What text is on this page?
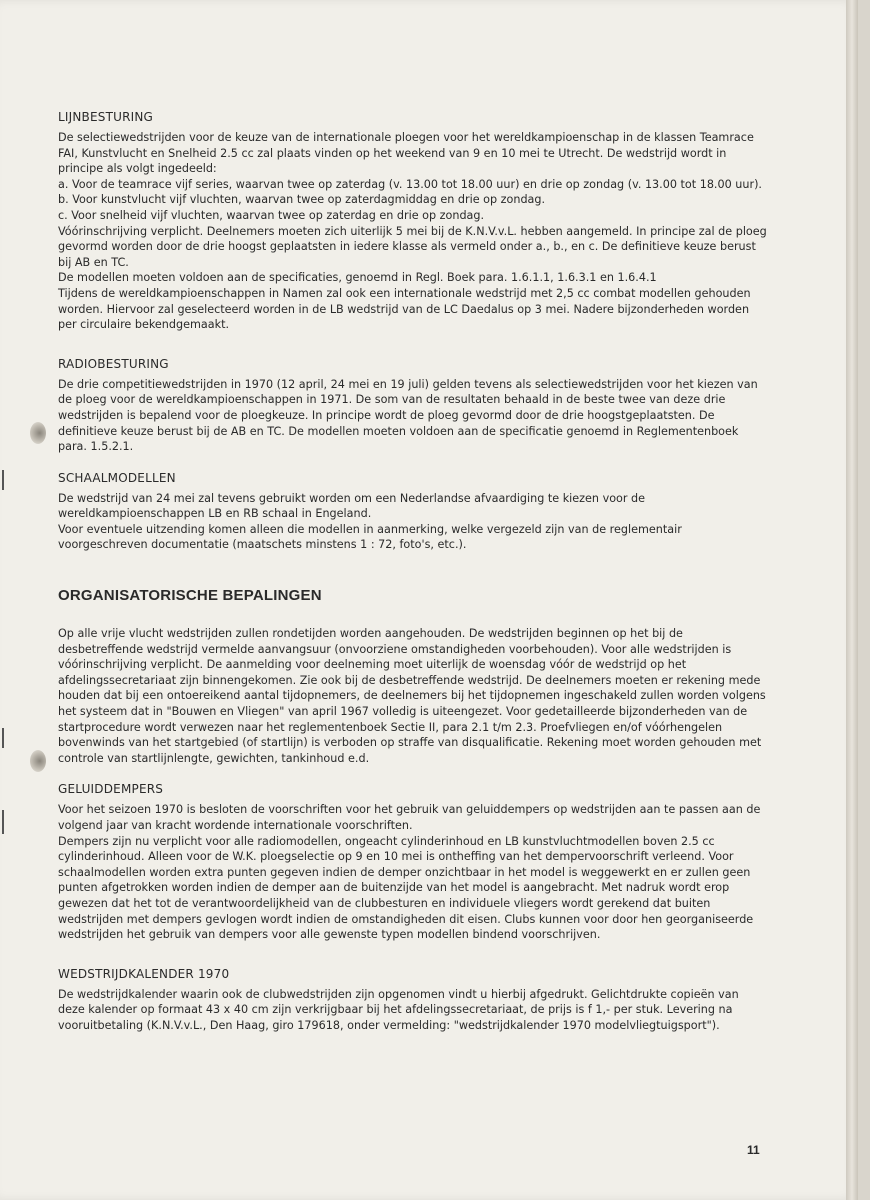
LIJNBESTURING

De selectiewedstrijden voor de keuze van de internationale ploegen voor het wereldkampioenschap in de klassen Teamrace FAI, Kunstvlucht en Snelheid 2.5 cc zal plaats vinden op het weekend van 9 en 10 mei te Utrecht. De wedstrijd wordt in principe als volgt ingedeeld:

a. Voor de teamrace vijf series, waarvan twee op zaterdag (v. 13.00 tot 18.00 uur) en drie op zondag (v. 13.00 tot 18.00 uur).

b. Voor kunstvlucht vijf vluchten, waarvan twee op zaterdagmiddag en drie op zondag.

c. Voor snelheid vijf vluchten, waarvan twee op zaterdag en drie op zondag.

Vóórinschrijving verplicht. Deelnemers moeten zich uiterlijk 5 mei bij de K.N.V.v.L. hebben aangemeld. In principe zal de ploeg gevormd worden door de drie hoogst geplaatsten in iedere klasse als vermeld onder a., b., en c. De definitieve keuze berust bij AB en TC.

De modellen moeten voldoen aan de specificaties, genoemd in Regl. Boek para. 1.6.1.1, 1.6.3.1 en 1.6.4.1

Tijdens de wereldkampioenschappen in Namen zal ook een internationale wedstrijd met 2,5 cc combat modellen gehouden worden. Hiervoor zal geselecteerd worden in de LB wedstrijd van de LC Daedalus op 3 mei. Nadere bijzonderheden worden per circulaire bekendgemaakt.

RADIOBESTURING

De drie competitiewedstrijden in 1970 (12 april, 24 mei en 19 juli) gelden tevens als selectiewedstrijden voor het kiezen van de ploeg voor de wereldkampioenschappen in 1971. De som van de resultaten behaald in de beste twee van deze drie wedstrijden is bepalend voor de ploegkeuze. In principe wordt de ploeg gevormd door de drie hoogstgeplaatsten. De definitieve keuze berust bij de AB en TC. De modellen moeten voldoen aan de specificatie genoemd in Reglementenboek para. 1.5.2.1.

SCHAALMODELLEN

De wedstrijd van 24 mei zal tevens gebruikt worden om een Nederlandse afvaardiging te kiezen voor de wereldkampioenschappen LB en RB schaal in Engeland.

Voor eventuele uitzending komen alleen die modellen in aanmerking, welke vergezeld zijn van de reglementair voorgeschreven documentatie (maatschets minstens 1 : 72, foto's, etc.).

ORGANISATORISCHE BEPALINGEN

Op alle vrije vlucht wedstrijden zullen rondetijden worden aangehouden. De wedstrijden beginnen op het bij de desbetreffende wedstrijd vermelde aanvangsuur (onvoorziene omstandigheden voorbehouden). Voor alle wedstrijden is vóórinschrijving verplicht. De aanmelding voor deelneming moet uiterlijk de woensdag vóór de wedstrijd op het afdelingssecretariaat zijn binnengekomen. Zie ook bij de desbetreffende wedstrijd. De deelnemers moeten er rekening mede houden dat bij een ontoereikend aantal tijdopnemers, de deelnemers bij het tijdopnemen ingeschakeld zullen worden volgens het systeem dat in "Bouwen en Vliegen" van april 1967 volledig is uiteengezet. Voor gedetailleerde bijzonderheden van de startprocedure wordt verwezen naar het reglementenboek Sectie II, para 2.1 t/m 2.3. Proefvliegen en/of vóórhengelen bovenwinds van het startgebied (of startlijn) is verboden op straffe van disqualificatie. Rekening moet worden gehouden met controle van startlijnlengte, gewichten, tankinhoud e.d.

GELUIDDEMPERS

Voor het seizoen 1970 is besloten de voorschriften voor het gebruik van geluiddempers op wedstrijden aan te passen aan de volgend jaar van kracht wordende internationale voorschriften.

Dempers zijn nu verplicht voor alle radiomodellen, ongeacht cylinderinhoud en LB kunstvluchtmodellen boven 2.5 cc cylinderinhoud. Alleen voor de W.K. ploegselectie op 9 en 10 mei is ontheffing van het dempervoorschrift verleend. Voor schaalmodellen worden extra punten gegeven indien de demper onzichtbaar in het model is weggewerkt en er zullen geen punten afgetrokken worden indien de demper aan de buitenzijde van het model is aangebracht. Met nadruk wordt erop gewezen dat het tot de verantwoordelijkheid van de clubbesturen en individuele vliegers wordt gerekend dat buiten wedstrijden met dempers gevlogen wordt indien de omstandigheden dit eisen. Clubs kunnen voor door hen georganiseerde wedstrijden het gebruik van dempers voor alle gewenste typen modellen bindend voorschrijven.

WEDSTRIJDKALENDER 1970

De wedstrijdkalender waarin ook de clubwedstrijden zijn opgenomen vindt u hierbij afgedrukt. Gelichtdrukte copieën van deze kalender op formaat 43 x 40 cm zijn verkrijgbaar bij het afdelingssecretariaat, de prijs is f 1,- per stuk. Levering na vooruitbetaling (K.N.V.v.L., Den Haag, giro 179618, onder vermelding: "wedstrijdkalender 1970 modelvliegtuigsport").

11
